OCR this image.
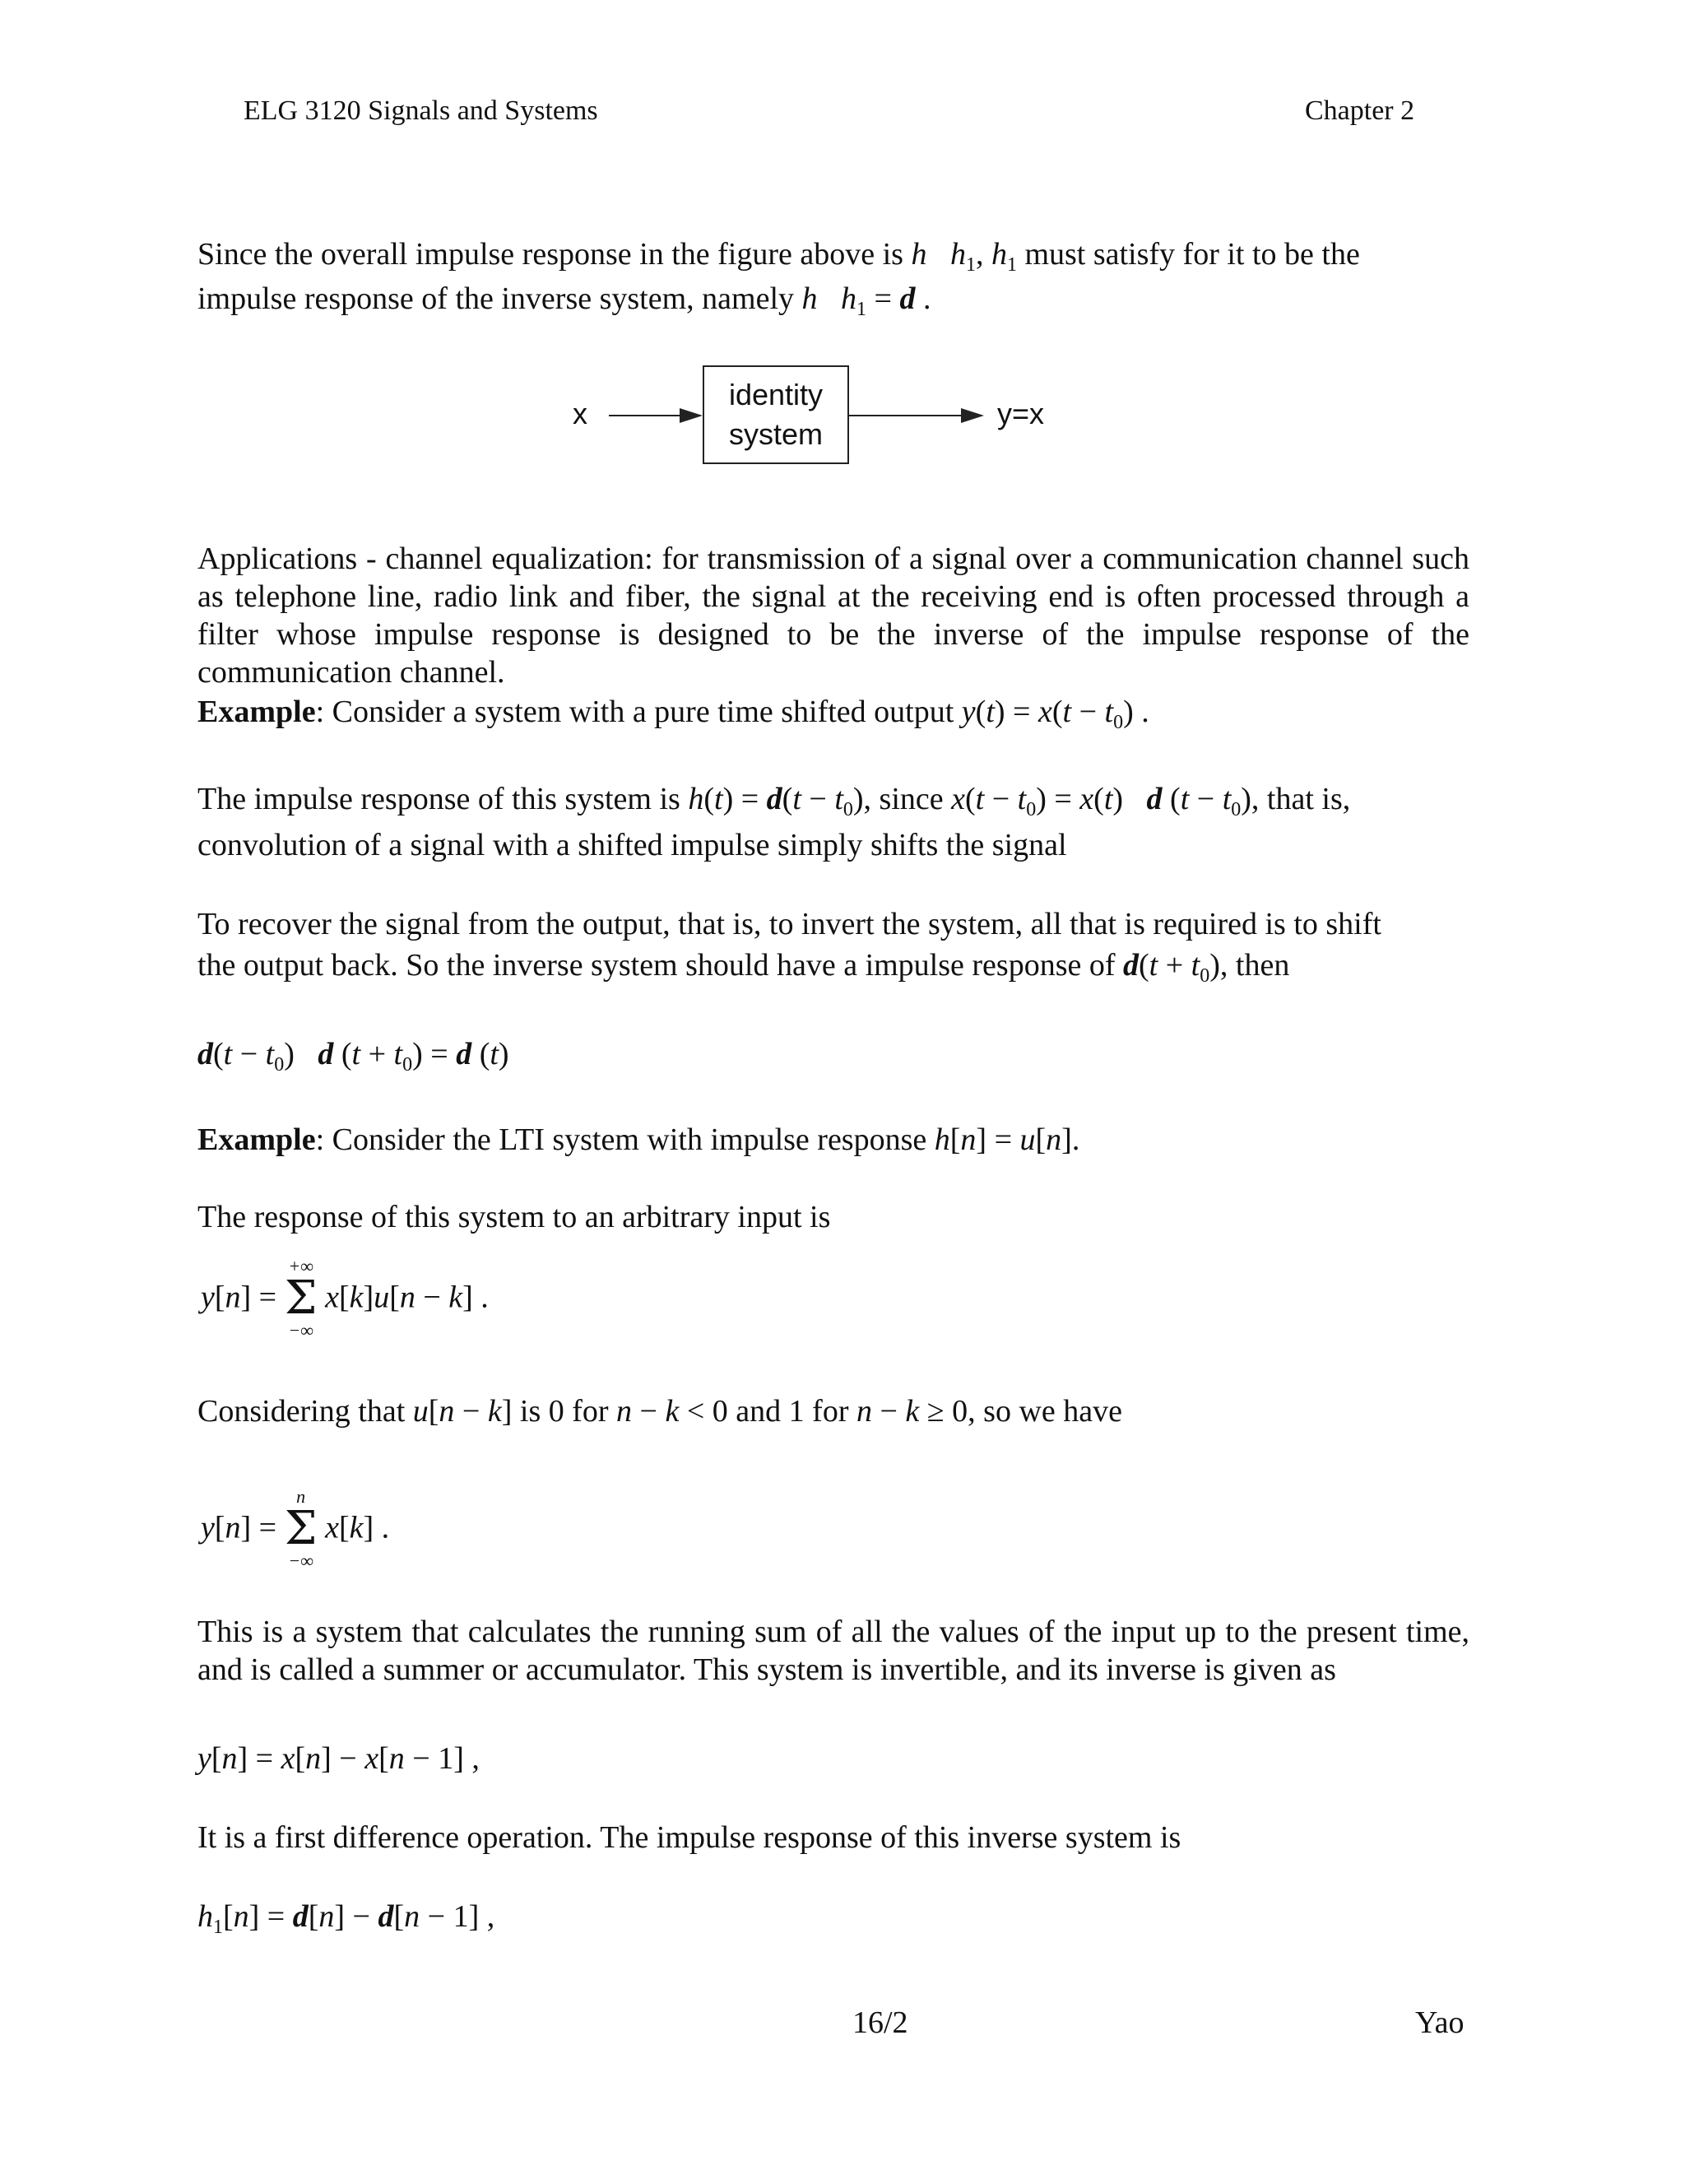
ELG 3120 Signals and Systems	Chapter 2
Since the overall impulse response in the figure above is h $h_1$, $h_1$ must satisfy for it to be the
impulse response of the inverse system, namely h $h_1 = d$ .
x
identity
system
y=x
Applications - channel equalization: for transmission of a signal over a communication channel such as telephone line, radio link and fiber, the signal at the receiving end is often processed through a filter whose impulse response is designed to be the inverse of the impulse response of the communication channel.
Example: Consider a system with a pure time shifted output $y(t) = x(t - t_0)$ .
The impulse response of this system is $h(t) = d(t - t_0)$, since $x(t - t_0) = x(t)$   d $(t - t_0)$, that is,
convolution of a signal with a shifted impulse simply shifts the signal
To recover the signal from the output, that is, to invert the system, all that is required is to shift
the output back. So the inverse system should have a impulse response of $d(t + t_0)$, then
$d(t - t_0)$   d $(t + t_0) = d$ (t)
Example: Consider the LTI system with impulse response h[n] = u[n].
The response of this system to an arbitrary input is
y[n] =
+∞
Σ
−∞
x[k]u[n − k] .
Considering that u[n − k] is 0 for n − k < 0 and 1 for n − k ≥ 0, so we have
y[n] =
n
Σ
−∞
x[k] .
This is a system that calculates the running sum of all the values of the input up to the present time, and is called a summer or accumulator. This system is invertible, and its inverse is given as
y[n] = x[n] − x[n − 1] ,
It is a first difference operation. The impulse response of this inverse system is
$h_1[n] = d[n] - d[n - 1]$ ,
16/2	Yao
